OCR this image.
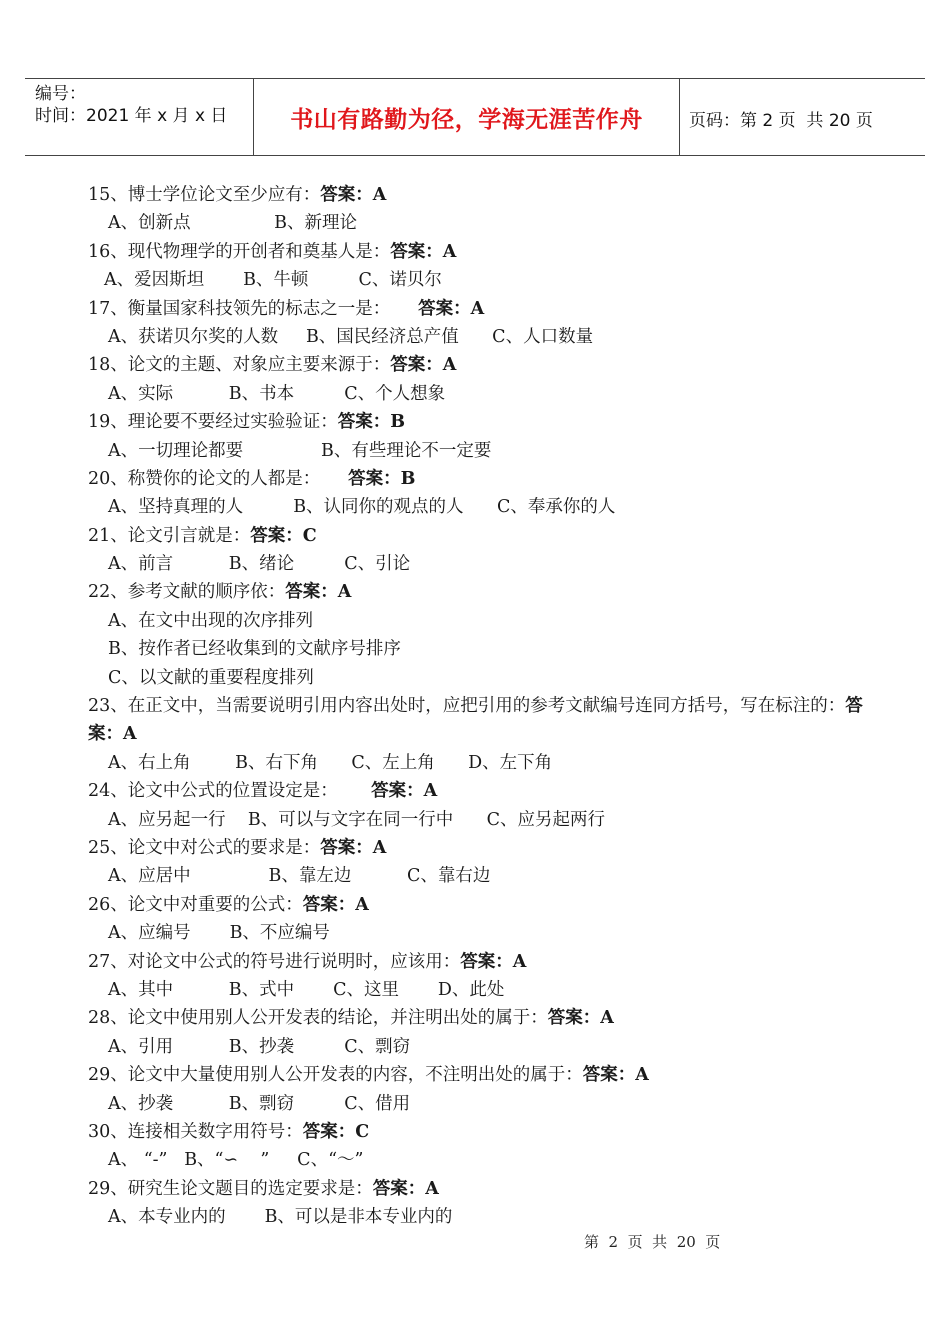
编号：
时间：2021 年 x 月 x 日	书山有路勤为径，学海无涯苦作舟	页码：第 2 页  共 20 页
15、博士学位论文至少应有：答案：A
A、创新点               B、新理论
16、现代物理学的开创者和奠基人是：答案：A
A、爱因斯坦       B、牛顿         C、诺贝尔
17、衡量国家科技领先的标志之一是：     答案：A
A、获诺贝尔奖的人数     B、国民经济总产值      C、人口数量
18、论文的主题、对象应主要来源于：答案：A
A、实际          B、书本         C、个人想象
19、理论要不要经过实验验证：答案：B
A、一切理论都要              B、有些理论不一定要
20、称赞你的论文的人都是：     答案：B
A、坚持真理的人         B、认同你的观点的人      C、奉承你的人
21、论文引言就是：答案：C
A、前言          B、绪论         C、引论
22、参考文献的顺序依：答案：A
A、在文中出现的次序排列
B、按作者已经收集到的文献序号排序
C、以文献的重要程度排列
23、在正文中，当需要说明引用内容出处时，应把引用的参考文献编号连同方括号，写在标注的：答案：A
A、右上角        B、右下角      C、左上角      D、左下角
24、论文中公式的位置设定是：      答案：A
A、应另起一行    B、可以与文字在同一行中      C、应另起两行
25、论文中对公式的要求是：答案：A
A、应居中              B、靠左边          C、靠右边
26、论文中对重要的公式：答案：A
A、应编号       B、不应编号
27、对论文中公式的符号进行说明时，应该用：答案：A
A、其中          B、式中       C、这里       D、此处
28、论文中使用别人公开发表的结论，并注明出处的属于：答案：A
A、引用          B、抄袭         C、剽窃
29、论文中大量使用别人公开发表的内容，不注明出处的属于：答案：A
A、抄袭          B、剽窃         C、借用
30、连接相关数字用符号：答案：C
A、 “-”   B、“∽    ”     C、“～”
29、研究生论文题目的选定要求是：答案：A
A、本专业内的       B、可以是非本专业内的
第  2  页  共  20  页
